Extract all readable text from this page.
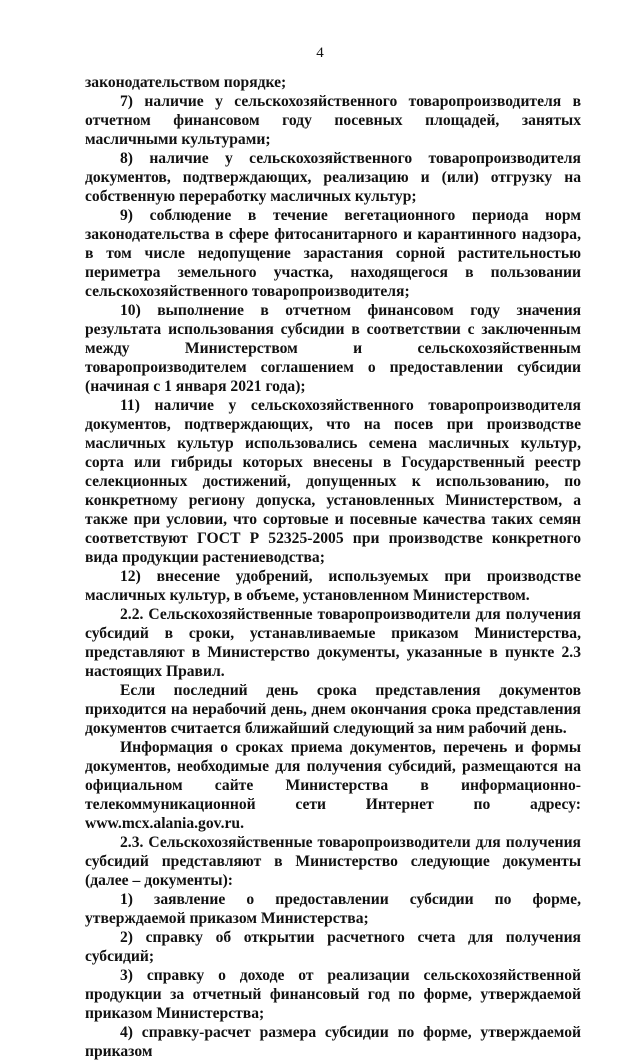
4

законодательством порядке;

7) наличие у сельскохозяйственного товаропроизводителя в отчетном финансовом году посевных площадей, занятых масличными культурами;

8) наличие у сельскохозяйственного товаропроизводителя документов, подтверждающих, реализацию и (или) отгрузку на собственную переработку масличных культур;

9) соблюдение в течение вегетационного периода норм законодательства в сфере фитосанитарного и карантинного надзора, в том числе недопущение зарастания сорной растительностью периметра земельного участка, находящегося в пользовании сельскохозяйственного товаропроизводителя;

10) выполнение в отчетном финансовом году значения результата использования субсидии в соответствии с заключенным между Министерством и сельскохозяйственным товаропроизводителем соглашением о предоставлении субсидии (начиная с 1 января 2021 года);

11) наличие у сельскохозяйственного товаропроизводителя документов, подтверждающих, что на посев при производстве масличных культур использовались семена масличных культур, сорта или гибриды которых внесены в Государственный реестр селекционных достижений, допущенных к использованию, по конкретному региону допуска, установленных Министерством, а также при условии, что сортовые и посевные качества таких семян соответствуют ГОСТ Р 52325-2005 при производстве конкретного вида продукции растениеводства;

12) внесение удобрений, используемых при производстве масличных культур, в объеме, установленном Министерством.

2.2. Сельскохозяйственные товаропроизводители для получения субсидий в сроки, устанавливаемые приказом Министерства, представляют в Министерство документы, указанные в пункте 2.3 настоящих Правил.

Если последний день срока представления документов приходится на нерабочий день, днем окончания срока представления документов считается ближайший следующий за ним рабочий день.

Информация о сроках приема документов, перечень и формы документов, необходимые для получения субсидий, размещаются на официальном сайте Министерства в информационно-телекоммуникационной сети Интернет по адресу: www.mcx.alania.gov.ru.

2.3. Сельскохозяйственные товаропроизводители для получения субсидий представляют в Министерство следующие документы (далее – документы):

1) заявление о предоставлении субсидии по форме, утверждаемой приказом Министерства;

2) справку об открытии расчетного счета для получения субсидий;

3) справку о доходе от реализации сельскохозяйственной продукции за отчетный финансовый год по форме, утверждаемой приказом Министерства;

4) справку-расчет размера субсидии по форме, утверждаемой приказом
